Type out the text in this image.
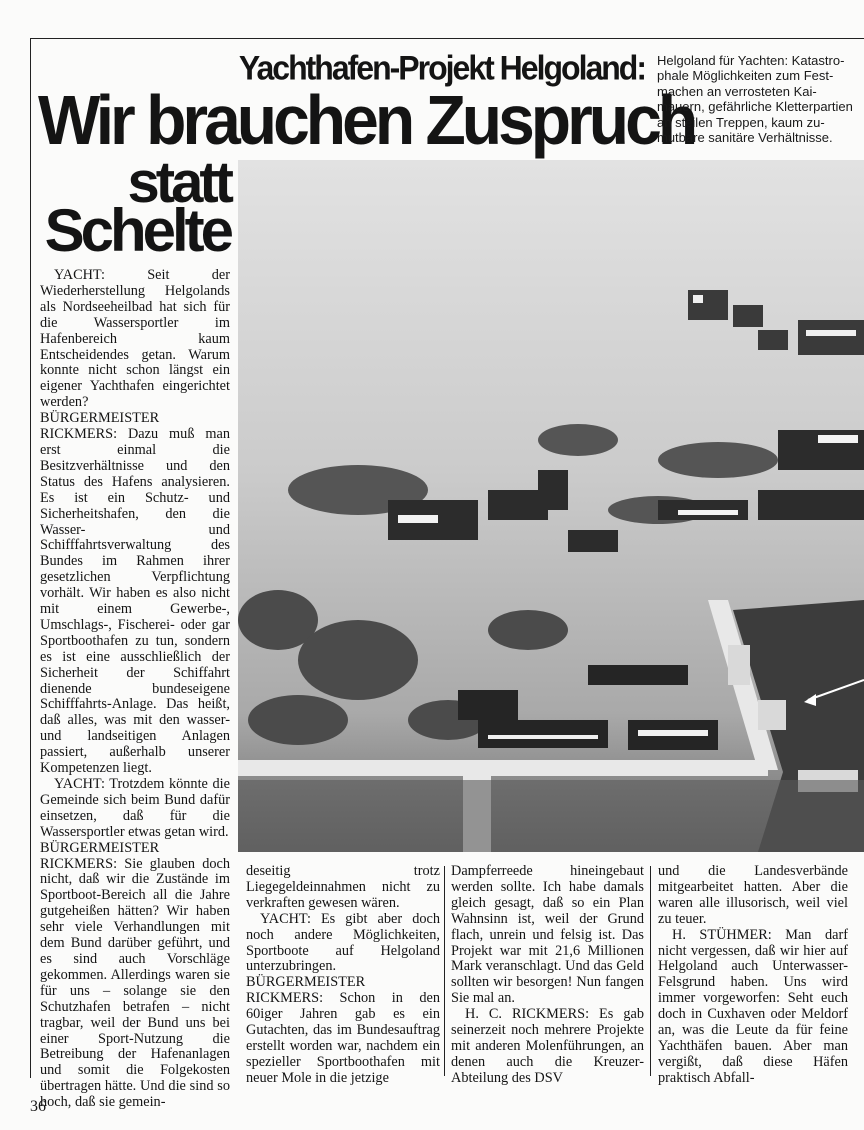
Yachthafen-Projekt Helgoland:
Wir brauchen Zuspruch
statt
Schelte
Helgoland für Yachten: Katastro-
phale Möglichkeiten zum Fest-
machen an verrosteten Kai-
mauern, gefährliche Kletterpartien
an steilen Treppen, kaum zu-
mutbare sanitäre Verhältnisse.

YACHT: Seit der Wiederherstellung Helgolands als Nordseeheilbad hat sich für die Wassersportler im Hafenbereich kaum Entscheidendes getan. Warum konnte nicht schon längst ein eigener Yachthafen eingerichtet werden?

BÜRGERMEISTER RICKMERS: Dazu muß man erst einmal die Besitzverhältnisse und den Status des Hafens analysieren. Es ist ein Schutz- und Sicherheitshafen, den die Wasser- und Schifffahrtsverwaltung des Bundes im Rahmen ihrer gesetzlichen Verpflichtung vorhält. Wir haben es also nicht mit einem Gewerbe-, Umschlags-, Fischerei- oder gar Sportboothafen zu tun, sondern es ist eine ausschließlich der Sicherheit der Schiffahrt dienende bundeseigene Schifffahrts-Anlage. Das heißt, daß alles, was mit den wasser- und landseitigen Anlagen passiert, außerhalb unserer Kompetenzen liegt.

YACHT: Trotzdem könnte die Gemeinde sich beim Bund dafür einsetzen, daß für die Wassersportler etwas getan wird.

BÜRGERMEISTER RICKMERS: Sie glauben doch nicht, daß wir die Zustände im Sportboot-Bereich all die Jahre gutgeheißen hätten? Wir haben sehr viele Verhandlungen mit dem Bund darüber geführt, und es sind auch Vorschläge gekommen. Allerdings waren sie für uns – solange sie den Schutzhafen betrafen – nicht tragbar, weil der Bund uns bei einer Sport-Nutzung die Betreibung der Hafenanlagen und somit die Folgekosten übertragen hätte. Und die sind so hoch, daß sie gemein-

deseitig trotz Liegegeldeinnahmen nicht zu verkraften gewesen wären.

YACHT: Es gibt aber doch noch andere Möglichkeiten, Sportboote auf Helgoland unterzubringen.

BÜRGERMEISTER RICKMERS: Schon in den 60iger Jahren gab es ein Gutachten, das im Bundesauftrag erstellt worden war, nachdem ein spezieller Sportboothafen mit neuer Mole in die jetzige

Dampferreede hineingebaut werden sollte. Ich habe damals gleich gesagt, daß so ein Plan Wahnsinn ist, weil der Grund flach, unrein und felsig ist. Das Projekt war mit 21,6 Millionen Mark veranschlagt. Und das Geld sollten wir besorgen! Nun fangen Sie mal an.

H. C. RICKMERS: Es gab seinerzeit noch mehrere Projekte mit anderen Molenführungen, an denen auch die Kreuzer-Abteilung des DSV

und die Landesverbände mitgearbeitet hatten. Aber die waren alle illusorisch, weil viel zu teuer.

H. STÜHMER: Man darf nicht vergessen, daß wir hier auf Helgoland auch Unterwasser-Felsgrund haben. Uns wird immer vorgeworfen: Seht euch doch in Cuxhaven oder Meldorf an, was die Leute da für feine Yachthäfen bauen. Aber man vergißt, daß diese Häfen praktisch Abfall-

36
